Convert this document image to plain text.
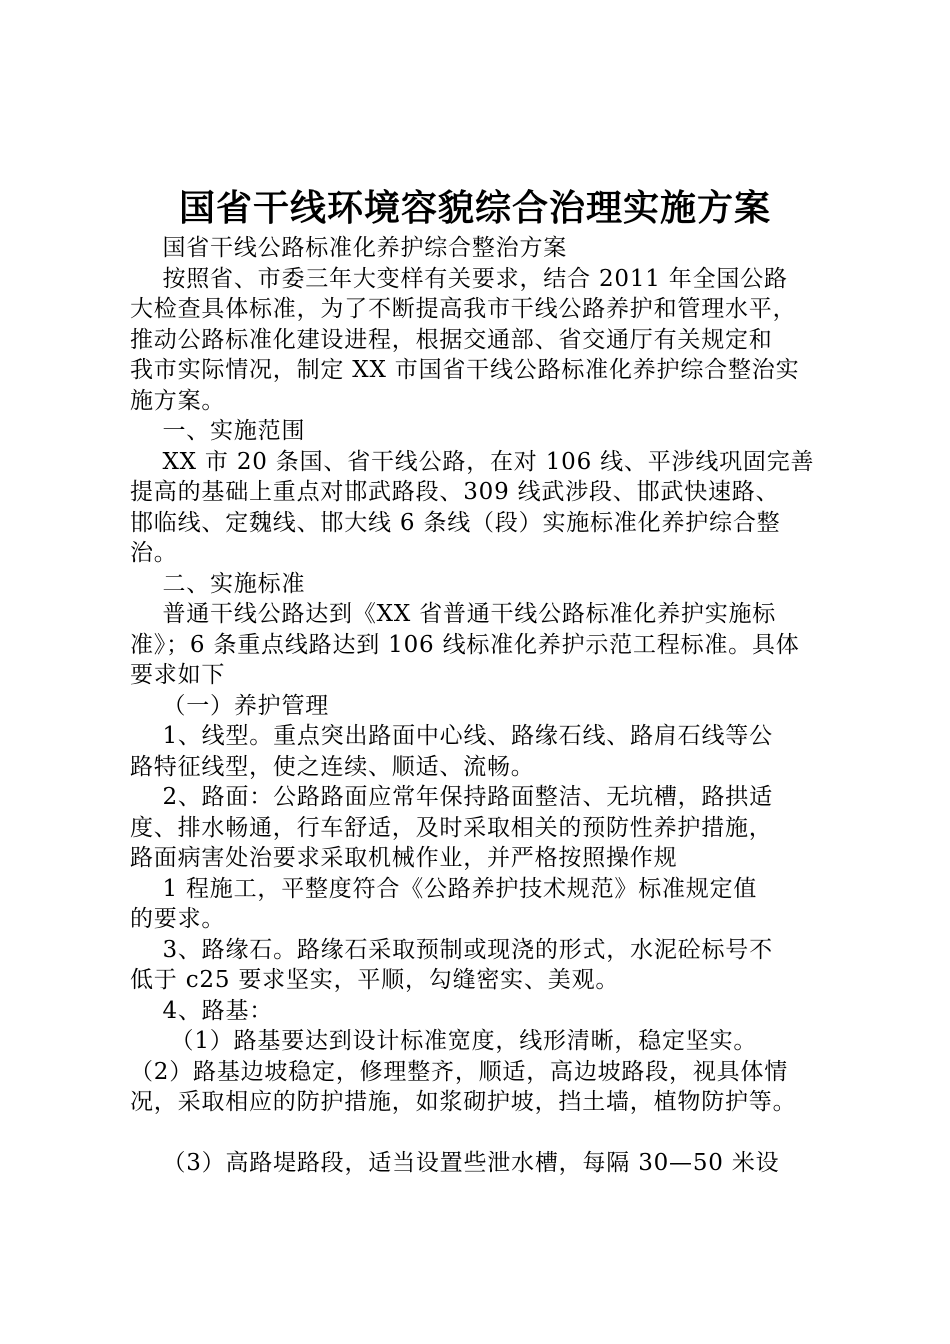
国省干线环境容貌综合治理实施方案
国省干线公路标准化养护综合整治方案
按照省、市委三年大变样有关要求，结合 2011 年全国公路
大检查具体标准，为了不断提高我市干线公路养护和管理水平，
推动公路标准化建设进程，根据交通部、省交通厅有关规定和
我市实际情况，制定 XX 市国省干线公路标准化养护综合整治实
施方案。
一、实施范围
XX 市 20 条国、省干线公路，在对 106 线、平涉线巩固完善
提高的基础上重点对邯武路段、309 线武涉段、邯武快速路、
邯临线、定魏线、邯大线 6 条线（段）实施标准化养护综合整
治。
二、实施标准
普通干线公路达到《XX 省普通干线公路标准化养护实施标
准》；6 条重点线路达到 106 线标准化养护示范工程标准。具体
要求如下
（一）养护管理
1、线型。重点突出路面中心线、路缘石线、路肩石线等公
路特征线型，使之连续、顺适、流畅。
2、路面：公路路面应常年保持路面整洁、无坑槽，路拱适
度、排水畅通，行车舒适，及时采取相关的预防性养护措施，
路面病害处治要求采取机械作业，并严格按照操作规
1 程施工，平整度符合《公路养护技术规范》标准规定值
的要求。
3、路缘石。路缘石采取预制或现浇的形式，水泥砼标号不
低于 c25 要求坚实，平顺，勾缝密实、美观。
4、路基：
（1）路基要达到设计标准宽度，线形清晰，稳定坚实。
（2）路基边坡稳定，修理整齐，顺适，高边坡路段，视具体情
况，采取相应的防护措施，如浆砌护坡，挡土墙，植物防护等。
（3）高路堤路段，适当设置些泄水槽，每隔 30—50 米设
